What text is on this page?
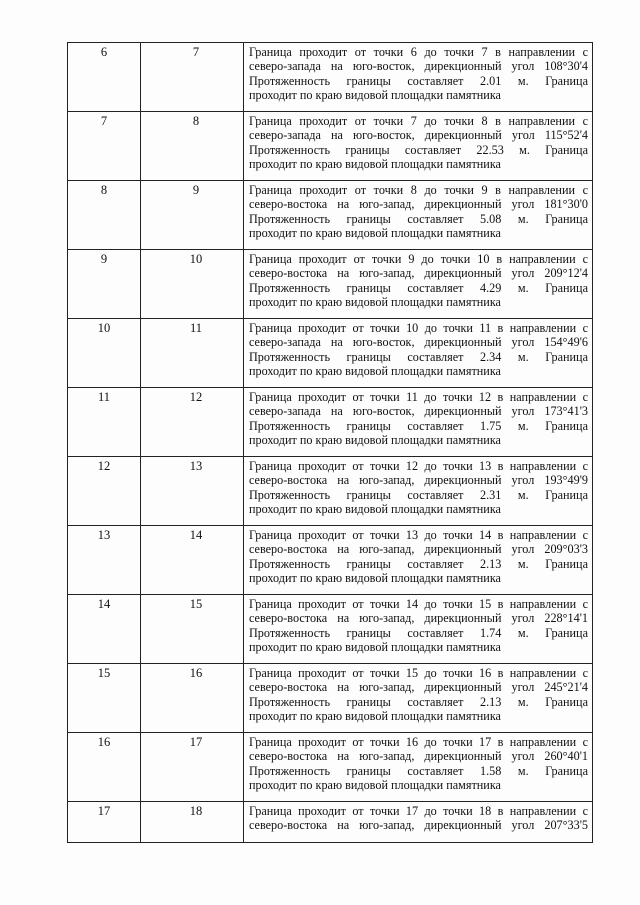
6	7	Граница проходит от точки 6 до точки 7 в направлении с
северо-запада на юго-восток, дирекционный угол 108°30'4
Протяженность границы составляет 2.01 м. Граница
проходит по краю видовой площадки памятника

7	8	Граница проходит от точки 7 до точки 8 в направлении с
северо-запада на юго-восток, дирекционный угол 115°52'4
Протяженность границы составляет 22.53 м. Граница
проходит по краю видовой площадки памятника

8	9	Граница проходит от точки 8 до точки 9 в направлении с
северо-востока на юго-запад, дирекционный угол 181°30'0
Протяженность границы составляет 5.08 м. Граница
проходит по краю видовой площадки памятника

9	10	Граница проходит от точки 9 до точки 10 в направлении с
северо-востока на юго-запад, дирекционный угол 209°12'4
Протяженность границы составляет 4.29 м. Граница
проходит по краю видовой площадки памятника

10	11	Граница проходит от точки 10 до точки 11 в направлении с
северо-запада на юго-восток, дирекционный угол 154°49'6
Протяженность границы составляет 2.34 м. Граница
проходит по краю видовой площадки памятника

11	12	Граница проходит от точки 11 до точки 12 в направлении с
северо-запада на юго-восток, дирекционный угол 173°41'3
Протяженность границы составляет 1.75 м. Граница
проходит по краю видовой площадки памятника

12	13	Граница проходит от точки 12 до точки 13 в направлении с
северо-востока на юго-запад, дирекционный угол 193°49'9
Протяженность границы составляет 2.31 м. Граница
проходит по краю видовой площадки памятника

13	14	Граница проходит от точки 13 до точки 14 в направлении с
северо-востока на юго-запад, дирекционный угол 209°03'3
Протяженность границы составляет 2.13 м. Граница
проходит по краю видовой площадки памятника

14	15	Граница проходит от точки 14 до точки 15 в направлении с
северо-востока на юго-запад, дирекционный угол 228°14'1
Протяженность границы составляет 1.74 м. Граница
проходит по краю видовой площадки памятника

15	16	Граница проходит от точки 15 до точки 16 в направлении с
северо-востока на юго-запад, дирекционный угол 245°21'4
Протяженность границы составляет 2.13 м. Граница
проходит по краю видовой площадки памятника

16	17	Граница проходит от точки 16 до точки 17 в направлении с
северо-востока на юго-запад, дирекционный угол 260°40'1
Протяженность границы составляет 1.58 м. Граница
проходит по краю видовой площадки памятника

17	18	Граница проходит от точки 17 до точки 18 в направлении с
северо-востока на юго-запад, дирекционный угол 207°33'5
